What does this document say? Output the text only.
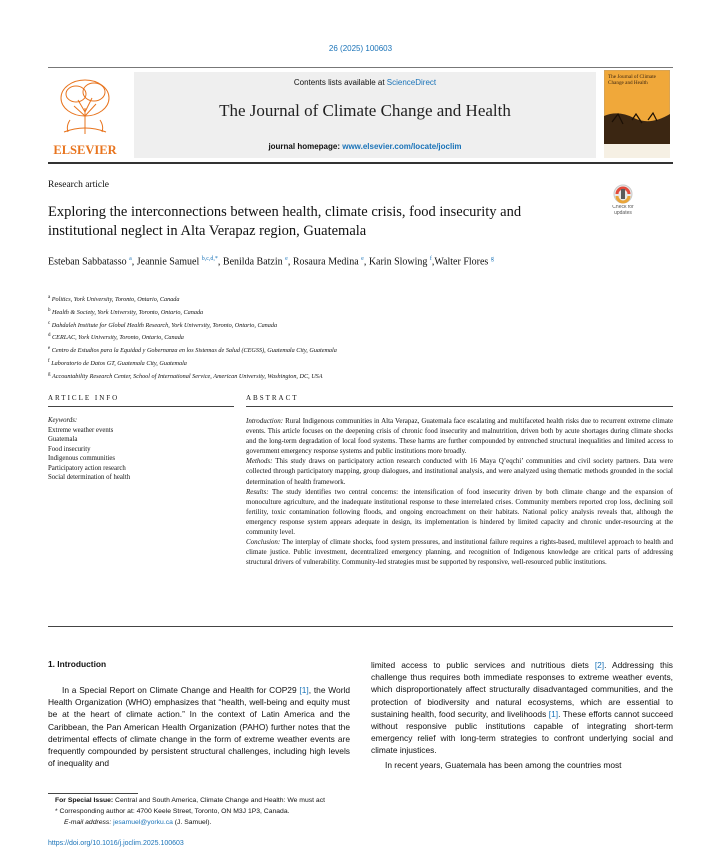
26 (2025) 100603
ELSEVIER
Contents lists available at ScienceDirect
The Journal of Climate Change and Health
journal homepage: www.elsevier.com/locate/joclim
The Journal of Climate Change and Health
Research article
Check for updates
Exploring the interconnections between health, climate crisis, food insecurity and institutional neglect in Alta Verapaz region, Guatemala
Esteban Sabbatasso $^a$, Jeannie Samuel $^{b,c,d,*}$, Benilda Batzin $^e$, Rosaura Medina $^e$, Karin Slowing $^f$,Walter Flores $^g$
$^a$ Politics, York University, Toronto, Ontario, Canada
$^b$ Health & Society, York University, Toronto, Ontario, Canada
$^c$ Dahdaleh Institute for Global Health Research, York University, Toronto, Ontario, Canada
$^d$ CERLAC, York University, Toronto, Ontario, Canada
$^e$ Centro de Estudios para la Equidad y Gobernanza en los Sistemas de Salud (CEGSS), Guatemala City, Guatemala
$^f$ Laboratorio de Datos GT, Guatemala City, Guatemala
$^g$ Accountability Research Center, School of International Service, American University, Washington, DC, USA
ARTICLE INFO	ABSTRACT
Keywords:
Extreme weather events
Guatemala
Food insecurity
Indigenous communities
Participatory action research
Social determination of health

Introduction: Rural Indigenous communities in Alta Verapaz, Guatemala face escalating and multifaceted health risks due to recurrent extreme climate events. This article focuses on the deepening crisis of chronic food insecurity and malnutrition, driven both by acute shortages during climate shocks and the long-term degradation of local food systems. These harms are further compounded by entrenched structural inequalities and limited access to government emergency response systems and public institutions more broadly.

Methods: This study draws on participatory action research conducted with 16 Maya Q’eqchi’ communities and civil society partners. Data were collected through participatory mapping, group dialogues, and institutional analysis, and were analyzed using thematic methods grounded in the social determination of health framework.

Results: The study identifies two central concerns: the intensification of food insecurity driven by both climate change and the expansion of monoculture agriculture, and the inadequate institutional response to these interrelated crises. Community members reported crop loss, declining soil fertility, toxic contamination following floods, and ongoing encroachment on their habitats. National policy analysis reveals that, although the emergency response system appears adequate in design, its implementation is hindered by limited capacity and chronic under-resourcing at the community level.

Conclusion: The interplay of climate shocks, food system pressures, and institutional failure requires a rights-based, multilevel approach to health and climate justice. Public investment, decentralized emergency planning, and recognition of Indigenous knowledge are critical parts of addressing structural drivers of vulnerability. Community-led strategies must be supported by responsive, well-resourced public institutions.

1. Introduction

In a Special Report on Climate Change and Health for COP29 [1], the World Health Organization (WHO) emphasizes that “health, well-being and equity must be at the heart of climate action.” In the context of Latin America and the Caribbean, the Pan American Health Organization (PAHO) further notes that the detrimental effects of climate change in the form of extreme weather events are frequently compounded by persistent structural challenges, including high levels of inequality and

limited access to public services and nutritious diets [2]. Addressing this challenge thus requires both immediate responses to extreme weather events, which disproportionately affect structurally disadvantaged communities, and the protection of biodiversity and natural ecosystems, which are essential to sustaining health, food security, and livelihoods [1]. These efforts cannot succeed without responsive public institutions capable of integrating short-term emergency relief with long-term strategies to confront underlying social and climate injustices.

In recent years, Guatemala has been among the countries most

For Special Issue: Central and South America, Climate Change and Health: We must act
* Corresponding author at: 4700 Keele Street, Toronto, ON M3J 1P3, Canada.
E-mail address: jesamuel@yorku.ca (J. Samuel).
https://doi.org/10.1016/j.joclim.2025.100603
